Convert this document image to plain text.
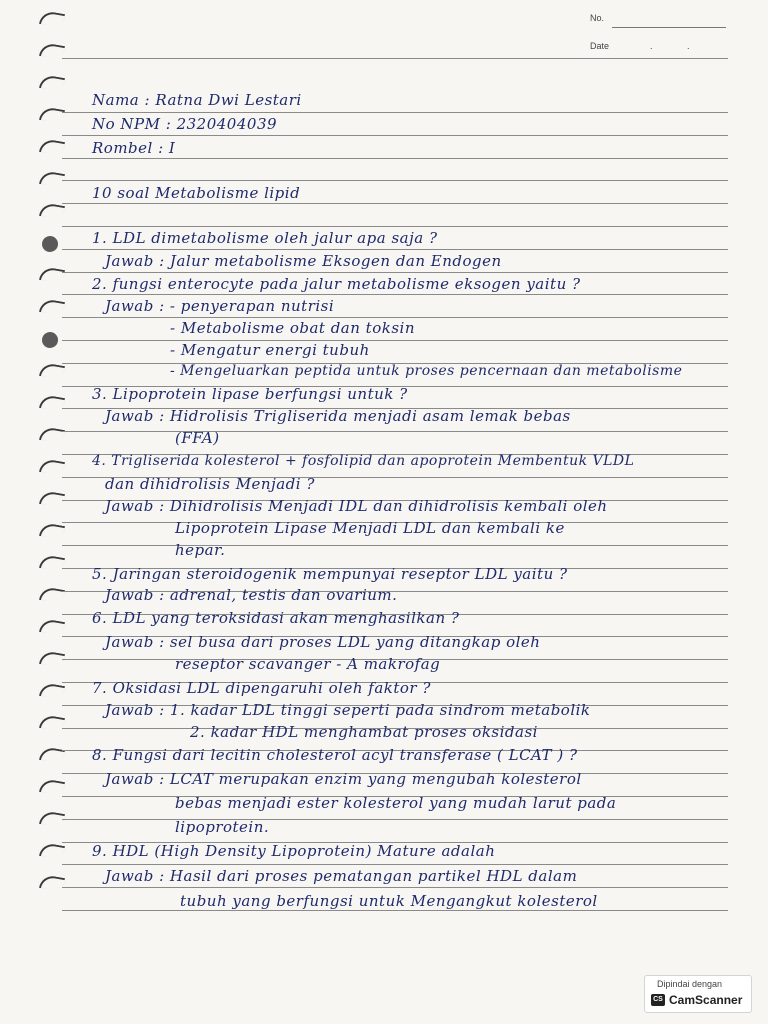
No.
Date	. .
Nama : Ratna Dwi Lestari
No NPM : 2320404039
Rombel : I
10 soal Metabolisme lipid
1. LDL dimetabolisme oleh jalur apa saja ?
Jawab : Jalur metabolisme Eksogen dan Endogen
2. fungsi enterocyte pada jalur metabolisme eksogen yaitu ?
Jawab : - penyerapan nutrisi
- Metabolisme obat dan toksin
- Mengatur energi tubuh
- Mengeluarkan peptida untuk proses pencernaan dan metabolisme
3. Lipoprotein lipase berfungsi untuk ?
Jawab : Hidrolisis Trigliserida menjadi asam lemak bebas
(FFA)
4. Trigliserida kolesterol + fosfolipid dan apoprotein Membentuk VLDL
dan dihidrolisis Menjadi ?
Jawab : Dihidrolisis Menjadi IDL dan dihidrolisis kembali oleh
Lipoprotein Lipase Menjadi LDL dan kembali ke
hepar.
5. Jaringan steroidogenik mempunyai reseptor LDL yaitu ?
Jawab : adrenal, testis dan ovarium.
6. LDL yang teroksidasi akan menghasilkan ?
Jawab : sel busa dari proses LDL yang ditangkap oleh
reseptor scavanger - A makrofag
7. Oksidasi LDL dipengaruhi oleh faktor ?
Jawab : 1. kadar LDL tinggi seperti pada sindrom metabolik
2. kadar HDL menghambat proses oksidasi
8. Fungsi dari lecitin cholesterol acyl transferase ( LCAT ) ?
Jawab : LCAT merupakan enzim yang mengubah kolesterol
bebas menjadi ester kolesterol yang mudah larut pada
lipoprotein.
9. HDL (High Density Lipoprotein) Mature adalah
Jawab : Hasil dari proses pematangan partikel HDL dalam
tubuh yang berfungsi untuk Mengangkut kolesterol
Dipindai dengan
CS CamScanner
